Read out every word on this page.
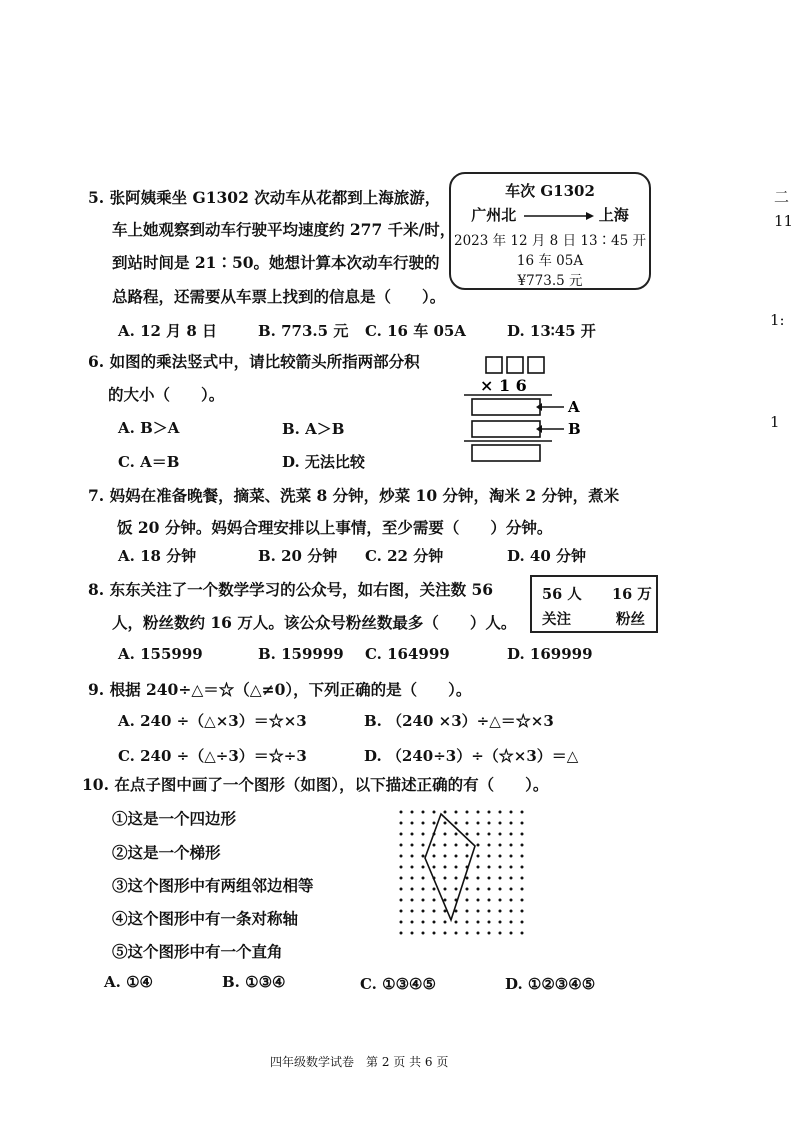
5. 张阿姨乘坐 G1302 次动车从花都到上海旅游，
车上她观察到动车行驶平均速度约 277 千米/时，
到站时间是 21∶50。她想计算本次动车行驶的
总路程，还需要从车票上找到的信息是（　　）。
车次 G1302
广州北	上海
2023 年 12 月 8 日 13∶45 开
16 车 05A
¥773.5 元
A. 12 月 8 日	B. 773.5 元 C. 16 车 05A	D. 13∶45 开
6. 如图的乘法竖式中，请比较箭头所指两部分积
的大小（　　）。	× 1 6
A
B
A. B＞A	B. A＞B
C. A＝B	D. 无法比较
7. 妈妈在准备晚餐，摘菜、洗菜 8 分钟，炒菜 10 分钟，淘米 2 分钟，煮米
饭 20 分钟。妈妈合理安排以上事情，至少需要（　　）分钟。
A. 18 分钟	B. 20 分钟 C. 22 分钟	D. 40 分钟
8. 东东关注了一个数学学习的公众号，如右图，关注数 56
人，粉丝数约 16 万人。该公众号粉丝数最多（　　）人。
56 人 16 万
关注	粉丝
A. 155999	B. 159999 C. 164999	D. 169999
9. 根据 240÷△＝☆（△≠0），下列正确的是（　　）。
A. 240 ÷（△×3）＝☆×3	B. （240 ×3）÷△＝☆×3
C. 240 ÷（△÷3）＝☆÷3	D. （240÷3）÷（☆×3）＝△
10. 在点子图中画了一个图形（如图），以下描述正确的有（　　）。
①这是一个四边形
②这是一个梯形
③这个图形中有两组邻边相等
④这个图形中有一条对称轴
⑤这个图形中有一个直角
A. ①④	B. ①③④	C. ①③④⑤	D. ①②③④⑤
四年级数学试卷　第 2 页 共 6 页
二
11
1:
1
